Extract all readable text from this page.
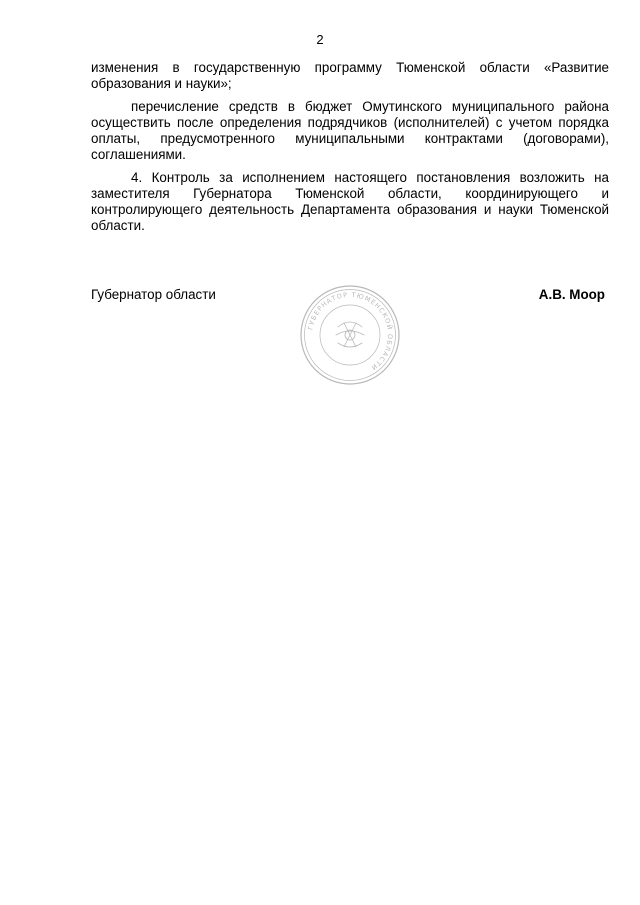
2

изменения в государственную программу Тюменской области «Развитие образования и науки»;

перечисление средств в бюджет Омутинского муниципального района осуществить после определения подрядчиков (исполнителей) с учетом порядка оплаты, предусмотренного муниципальными контрактами (договорами), соглашениями.

4. Контроль за исполнением настоящего постановления возложить на заместителя Губернатора Тюменской области, координирующего и контролирующего деятельность Департамента образования и науки Тюменской области.

Губернатор области	А.В. Моор
ГУБЕРНАТОР ТЮМЕНСКОЙ ОБЛАСТИ
